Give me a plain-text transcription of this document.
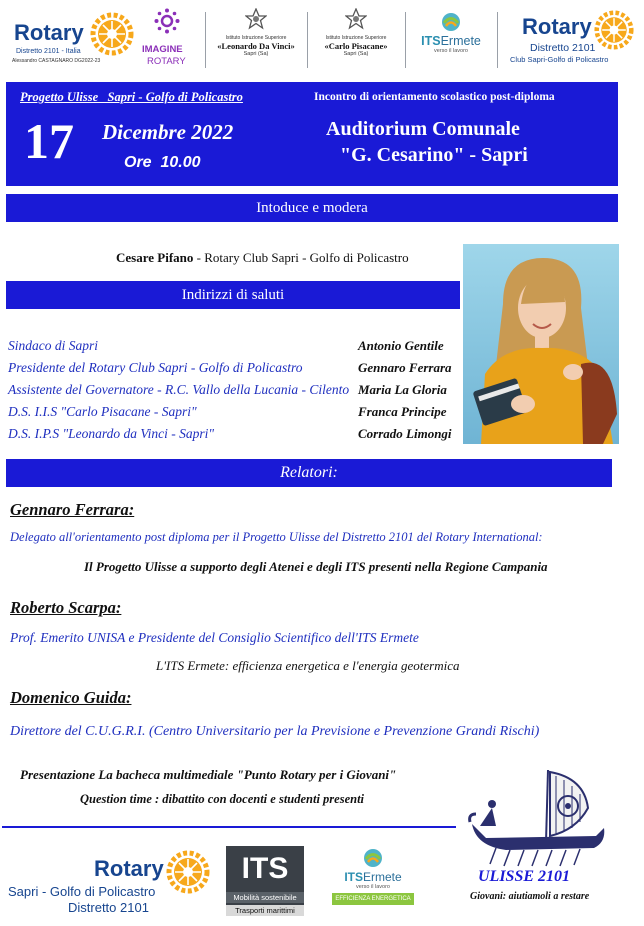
Rotary
Distretto 2101 - Italia
Alessandro CASTAGNARO DG2022-23
IMAGINE
ROTARY
Istituto Istruzione Superiore
«Leonardo Da Vinci»
Sapri (Sa)
Istituto Istruzione Superiore
«Carlo Pisacane»
Sapri (Sa)
ITSErmete
verso il lavoro
Rotary
Distretto 2101
Club Sapri-Golfo di Policastro
Progetto Ulisse   Sapri - Golfo di Policastro	Incontro di orientamento scolastico post-diploma
17 Dicembre 2022
Ore  10.00
Auditorium Comunale
"G. Cesarino" - Sapri
Intoduce e modera
Cesare Pifano - Rotary Club Sapri - Golfo di Policastro
Indirizzi di saluti
Sindaco di Sapri	Antonio Gentile
Presidente del Rotary Club Sapri - Golfo di Policastro	Gennaro Ferrara
Assistente del Governatore - R.C. Vallo della Lucania - Cilento Maria La Gloria
D.S. I.I.S "Carlo Pisacane - Sapri"	Franca Principe
D.S. I.P.S "Leonardo da Vinci - Sapri"	Corrado Limongi
Relatori:
Gennaro Ferrara:
Delegato all'orientamento post diploma per il Progetto Ulisse del Distretto 2101 del Rotary International:
Il Progetto Ulisse a supporto degli Atenei e degli ITS presenti nella Regione Campania
Roberto Scarpa:
Prof. Emerito UNISA e Presidente del Consiglio Scientifico dell'ITS Ermete
L'ITS Ermete: efficienza energetica e l'energia geotermica
Domenico Guida:
Direttore del C.U.G.R.I. (Centro Universitario per la Previsione e Prevenzione Grandi Rischi)
Presentazione La bacheca multimediale "Punto Rotary per i Giovani"
Question time : dibattito con docenti e studenti presenti
ULISSE 2101
Giovani: aiutiamoli a restare
Rotary
Sapri - Golfo di Policastro
Distretto 2101
ITS
Mobilità sostenibile
Trasporti marittimi
ITSErmete
verso il lavoro
EFFICIENZA ENERGETICA
